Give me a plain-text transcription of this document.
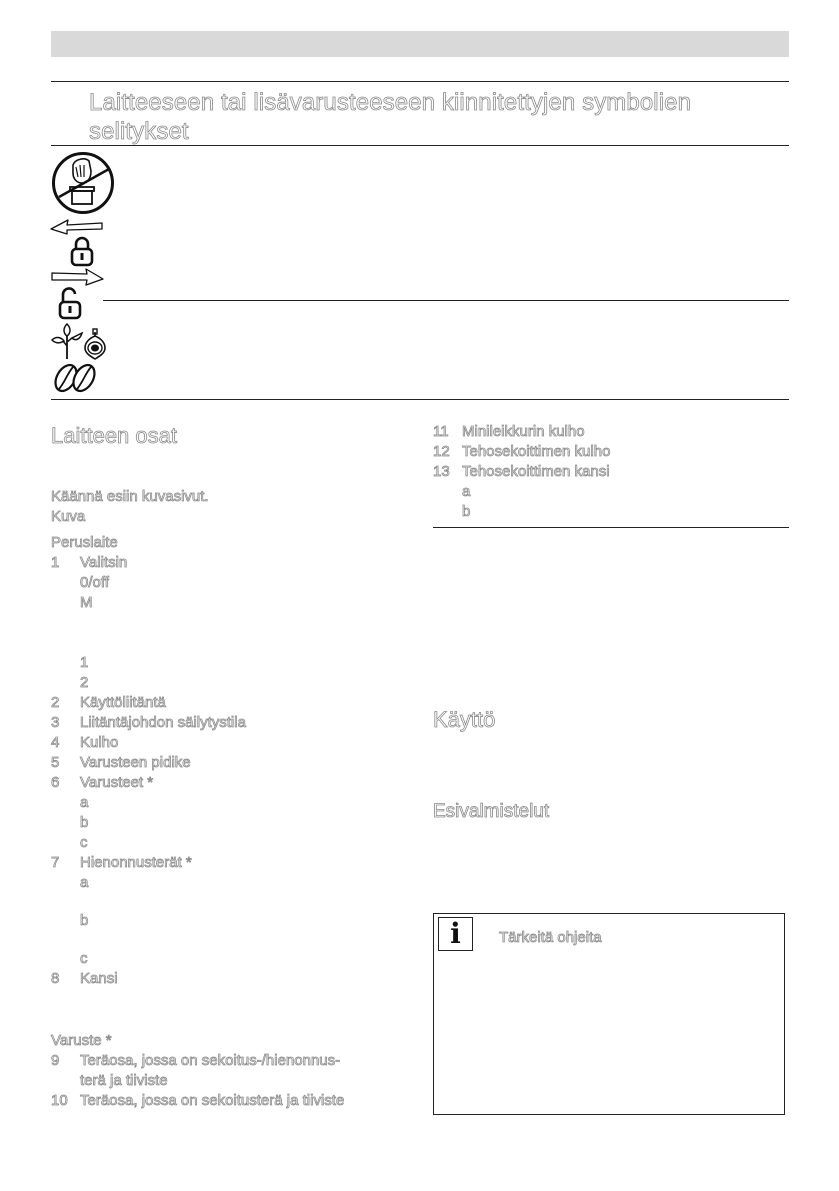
Laitteeseen tai lisävarusteeseen kiinnitettyjen symbolien
selitykset
Laitteen osat
Käännä esiin kuvasivut.
Kuva
Peruslaite
1	Valitsin
0/off
M
1
2
2	Käyttöliitäntä
3	Liitäntäjohdon säilytystila
4	Kulho
5	Varusteen pidike
6	Varusteet *
a
b
c
7	Hienonnusterät *
a
b
c
8	Kansi
Varuste *
9	Teräosa, jossa on sekoitus-/hienonnus-
terä ja tiiviste
10 Teräosa, jossa on sekoitusterä ja tiiviste
11 Minileikkurin kulho
12 Tehosekoittimen kulho
13 Tehosekoittimen kansi
a
b
Käyttö
Esivalmistelut
i	Tärkeitä ohjeita
